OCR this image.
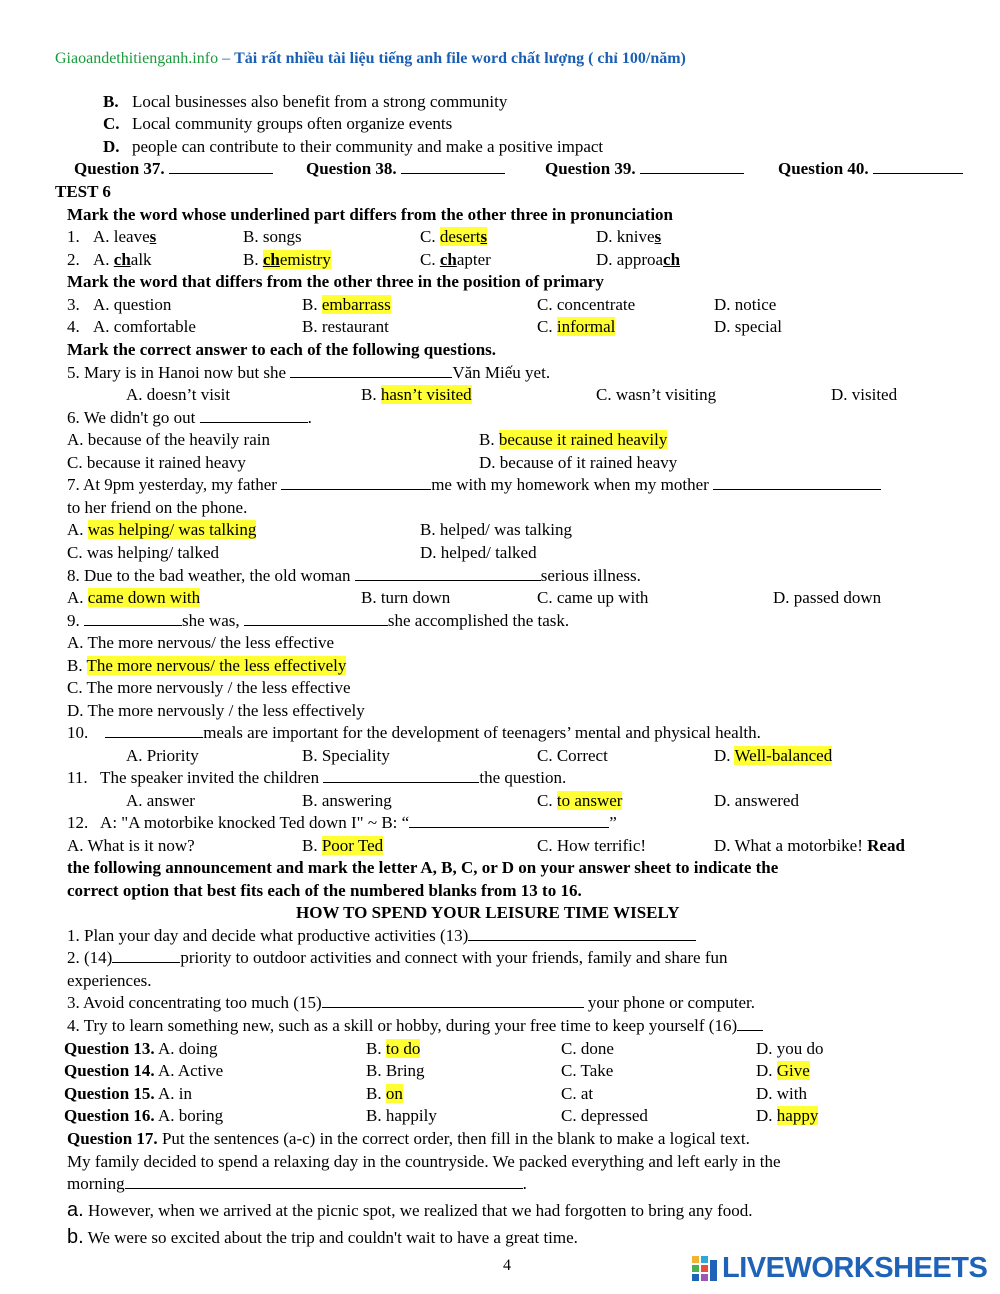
Giaoandethitienganh.info – Tải rất nhiều tài liệu tiếng anh file word chất lượng ( chỉ 100/năm)
B. Local businesses also benefit from a strong community
C. Local community groups often organize events
D. people can contribute to their community and make a positive impact
Question 37.	Question 38.	Question 39.	Question 40.
TEST 6
Mark the word whose underlined part differs from the other three in pronunciation
1. A. leaves	B. songs	C. deserts	D. knives
2. A. chalk	B. chemistry	C. chapter	D. approach
Mark the word that differs from the other three in the position of primary
3. A. question	B. embarrass	C. concentrate	D. notice
4. A. comfortable	B. restaurant	C. informal	D. special
Mark the correct answer to each of the following questions.
5. Mary is in Hanoi now but she	Văn Miếu yet.
A. doesn’t visit	B. hasn’t visited	C. wasn’t visiting	D. visited
6. We didn't go out	.
A. because of the heavily rain	B. because it rained heavily
C. because it rained heavy	D. because of it rained heavy
7. At 9pm yesterday, my father	me with my homework when my mother
to her friend on the phone.
A. was helping/ was talking	B. helped/ was talking
C. was helping/ talked	D. helped/ talked
8. Due to the bad weather, the old woman	serious illness.
A. came down with	B. turn down	C. came up with	D. passed down
9.	she was,	she accomplished the task.
A. The more nervous/ the less effective
B. The more nervous/ the less effectively
C. The more nervously / the less effective
D. The more nervously / the less effectively
10.	meals are important for the development of teenagers’ mental and physical health.
A. Priority	B. Speciality	C. Correct	D. Well-balanced
11.   The speaker invited the children	the question.
A. answer	B. answering	C. to answer	D. answered
12.   A: "A motorbike knocked Ted down I" ~ B: “	”
A. What is it now?	B. Poor Ted	C. How terrific!	D. What a motorbike! Read
the following announcement and mark the letter A, B, C, or D on your answer sheet to indicate the
correct option that best fits each of the numbered blanks from 13 to 16.
HOW TO SPEND YOUR LEISURE TIME WISELY
1. Plan your day and decide what productive activities (13)
2. (14)	priority to outdoor activities and connect with your friends, family and share fun
experiences.
3. Avoid concentrating too much (15)	your phone or computer.
4. Try to learn something new, such as a skill or hobby, during your free time to keep yourself (16)
Question 13. A. doing	B. to do	C. done	D. you do
Question 14. A. Active	B. Bring	C. Take	D. Give
Question 15. A. in	B. on	C. at	D. with
Question 16. A. boring	B. happily	C. depressed	D. happy
Question 17. Put the sentences (a-c) in the correct order, then fill in the blank to make a logical text.
My family decided to spend a relaxing day in the countryside. We packed everything and left early in the
morning	.
a. However, when we arrived at the picnic spot, we realized that we had forgotten to bring any food.
b. We were so excited about the trip and couldn't wait to have a great time.
4	LIVEWORKSHEETS
